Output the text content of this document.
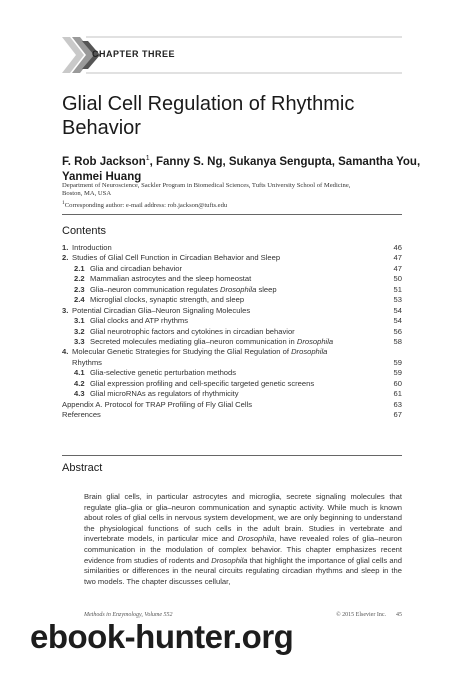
CHAPTER THREE
Glial Cell Regulation of Rhythmic Behavior
F. Rob Jackson$^1$, Fanny S. Ng, Sukanya Sengupta, Samantha You,
Yanmei Huang
Department of Neuroscience, Sackler Program in Biomedical Sciences, Tufts University School of Medicine,
Boston, MA, USA
$^1$Corresponding author: e-mail address: rob.jackson@tufts.edu
Contents
1. Introduction	46
2. Studies of Glial Cell Function in Circadian Behavior and Sleep	47
2.1 Glia and circadian behavior	47
2.2 Mammalian astrocytes and the sleep homeostat	50
2.3 Glia–neuron communication regulates Drosophila sleep	51
2.4 Microglial clocks, synaptic strength, and sleep	53
3. Potential Circadian Glia–Neuron Signaling Molecules	54
3.1 Glial clocks and ATP rhythms	54
3.2 Glial neurotrophic factors and cytokines in circadian behavior	56
3.3 Secreted molecules mediating glia–neuron communication in Drosophila	58
4. Molecular Genetic Strategies for Studying the Glial Regulation of Drosophila
Rhythms	59
4.1 Glia-selective genetic perturbation methods	59
4.2 Glial expression profiling and cell-specific targeted genetic screens	60
4.3 Glial microRNAs as regulators of rhythmicity	61
Appendix A. Protocol for TRAP Profiling of Fly Glial Cells	63
References	67
Abstract
Brain glial cells, in particular astrocytes and microglia, secrete signaling molecules that regulate glia–glia or glia–neuron communication and synaptic activity. While much is known about roles of glial cells in nervous system development, we are only beginning to understand the physiological functions of such cells in the adult brain. Studies in vertebrate and invertebrate models, in particular mice and Drosophila, have revealed roles of glia–neuron communication in the modulation of complex behavior. This chapter emphasizes recent evidence from studies of rodents and Drosophila that highlight the importance of glial cells and similarities or differences in the neural circuits regulating circadian rhythms and sleep in the two models. The chapter discusses cellular,
Methods in Enzymology, Volume 552	© 2015 Elsevier Inc. 45
ebook-hunter.org
